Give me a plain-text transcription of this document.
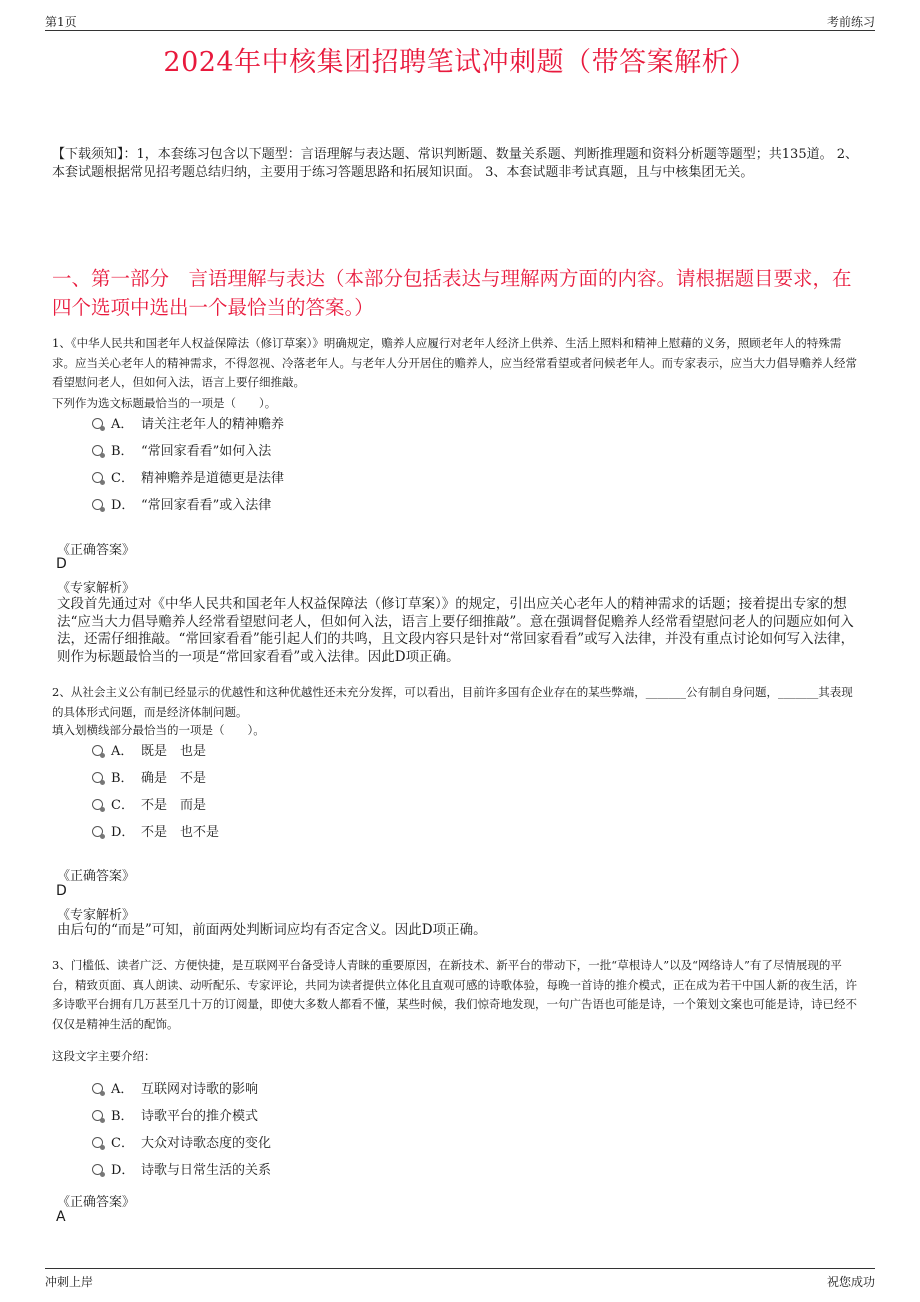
第1页	考前练习
2024年中核集团招聘笔试冲刺题（带答案解析）
【下载须知】：1，本套练习包含以下题型：言语理解与表达题、常识判断题、数量关系题、判断推理题和资料分析题等题型；共135道。 2、本套试题根据常见招考题总结归纳，主要用于练习答题思路和拓展知识面。 3、本套试题非考试真题，且与中核集团无关。
一、第一部分　言语理解与表达（本部分包括表达与理解两方面的内容。请根据题目要求，在四个选项中选出一个最恰当的答案。）
1、《中华人民共和国老年人权益保障法（修订草案）》明确规定，赡养人应履行对老年人经济上供养、生活上照料和精神上慰藉的义务，照顾老年人的特殊需求。应当关心老年人的精神需求，不得忽视、冷落老年人。与老年人分开居住的赡养人，应当经常看望或者问候老年人。而专家表示，应当大力倡导赡养人经常看望慰问老人，但如何入法，语言上要仔细推敲。
下列作为选文标题最恰当的一项是（　　）。
A． 请关注老年人的精神赡养
B． “常回家看看”如何入法
C． 精神赡养是道德更是法律
D． “常回家看看”或入法律
《正确答案》
D
《专家解析》
文段首先通过对《中华人民共和国老年人权益保障法（修订草案）》的规定，引出应关心老年人的精神需求的话题；接着提出专家的想法“应当大力倡导赡养人经常看望慰问老人，但如何入法，语言上要仔细推敲”。意在强调督促赡养人经常看望慰问老人的问题应如何入法，还需仔细推敲。“常回家看看”能引起人们的共鸣，且文段内容只是针对“常回家看看”或写入法律，并没有重点讨论如何写入法律，则作为标题最恰当的一项是“常回家看看”或入法律。因此D项正确。
2、从社会主义公有制已经显示的优越性和这种优越性还未充分发挥，可以看出，目前许多国有企业存在的某些弊端，_______公有制自身问题，_______其表现的具体形式问题，而是经济体制问题。
填入划横线部分最恰当的一项是（　　）。
A． 既是　也是
B． 确是　不是
C． 不是　而是
D． 不是　也不是
《正确答案》
D
《专家解析》
由后句的“而是”可知，前面两处判断词应均有否定含义。因此D项正确。
3、门槛低、读者广泛、方便快捷，是互联网平台备受诗人青睐的重要原因，在新技术、新平台的带动下，一批“草根诗人”以及“网络诗人”有了尽情展现的平台，精致页面、真人朗读、动听配乐、专家评论，共同为读者提供立体化且直观可感的诗歌体验，每晚一首诗的推介模式，正在成为若干中国人新的夜生活，许多诗歌平台拥有几万甚至几十万的订阅量，即使大多数人都看不懂，某些时候，我们惊奇地发现，一句广告语也可能是诗，一个策划文案也可能是诗，诗已经不仅仅是精神生活的配饰。
这段文字主要介绍：
A． 互联网对诗歌的影响
B． 诗歌平台的推介模式
C． 大众对诗歌态度的变化
D． 诗歌与日常生活的关系
《正确答案》
A
冲刺上岸	祝您成功
